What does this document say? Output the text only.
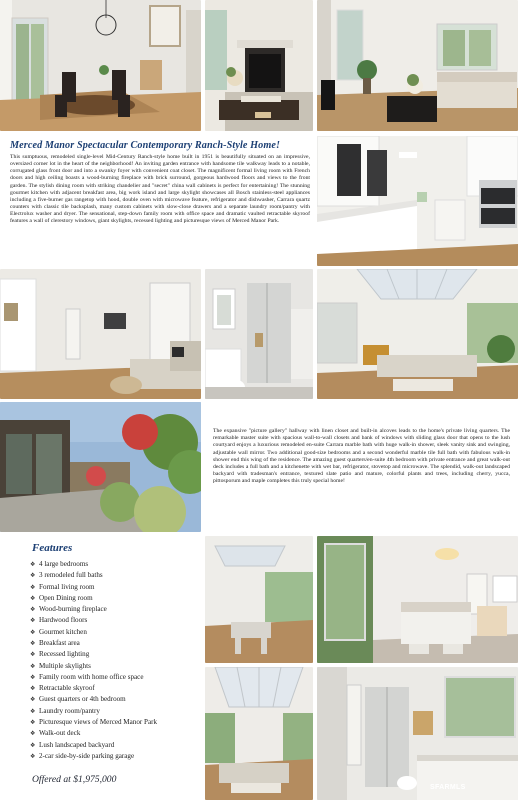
Merced Manor Spectacular Contemporary Ranch-Style Home!
This sumptuous, remodeled single-level Mid-Century Ranch-style home built in 1951 is beautifully situated on an impressive, oversized corner lot in the heart of the neighborhood! An inviting garden entrance with handsome tile walkway leads to a notable, corrugated glass front door and into a swanky foyer with convenient coat closet. The magnificent formal living room with French doors and high ceiling boasts a wood-burning fireplace with brick surround, gorgeous hardwood floors and views to the front garden. The stylish dining room with striking chandelier and "secret" china wall cabinets is perfect for entertaining! The stunning gourmet kitchen with adjacent breakfast area, big work island and large skylight showcases all Bosch stainless-steel appliances including a five-burner gas rangetop with hood, double oven with microwave feature, refrigerator and dishwasher, Carrara quartz counters with classic tile backsplash, many custom cabinets with slow-close drawers and a separate laundry room/pantry with Electrolux washer and dryer. The sensational, step-down family room with office space and dramatic vaulted retractable skyroof features a wall of clerestory windows, giant skylights, recessed lighting and picturesque views of Merced Manor Park.
The expansive "picture gallery" hallway with linen closet and built-in alcoves leads to the home's private living quarters. The remarkable master suite with spacious wall-to-wall closets and bank of windows with sliding glass door that opens to the lush courtyard enjoys a luxurious remodeled en-suite Carrara marble bath with huge walk-in shower, sleek vanity sink and swinging, adjustable wall mirror. Two additional good-size bedrooms and a second wonderful marble tile full bath with fabulous walk-in shower end this wing of the residence. The amazing guest quarters/en-suite 4th bedroom with private entrance and great walk-out deck includes a full bath and a kitchenette with wet bar, refrigerator, stovetop and microwave. The splendid, walk-out landscaped backyard with tradesman's entrance, textured slate patio and mature, colorful plants and trees, including cherry, yucca, pittosporum and maple completes this truly special home!
Features
❖ 4 large bedrooms
❖ 3 remodeled full baths
❖ Formal living room
❖ Open Dining room
❖ Wood-burning fireplace
❖ Hardwood floors
❖ Gourmet kitchen
❖ Breakfast area
❖ Recessed lighting
❖ Multiple skylights
❖ Family room with home office space
❖ Retractable skyroof
❖ Guest quarters or 4th bedroom
❖ Laundry room/pantry
❖ Picturesque views of Merced Manor Park
❖ Walk-out deck
❖ Lush landscaped backyard
❖ 2-car side-by-side parking garage
Offered at $1,975,000
SFARMLS
